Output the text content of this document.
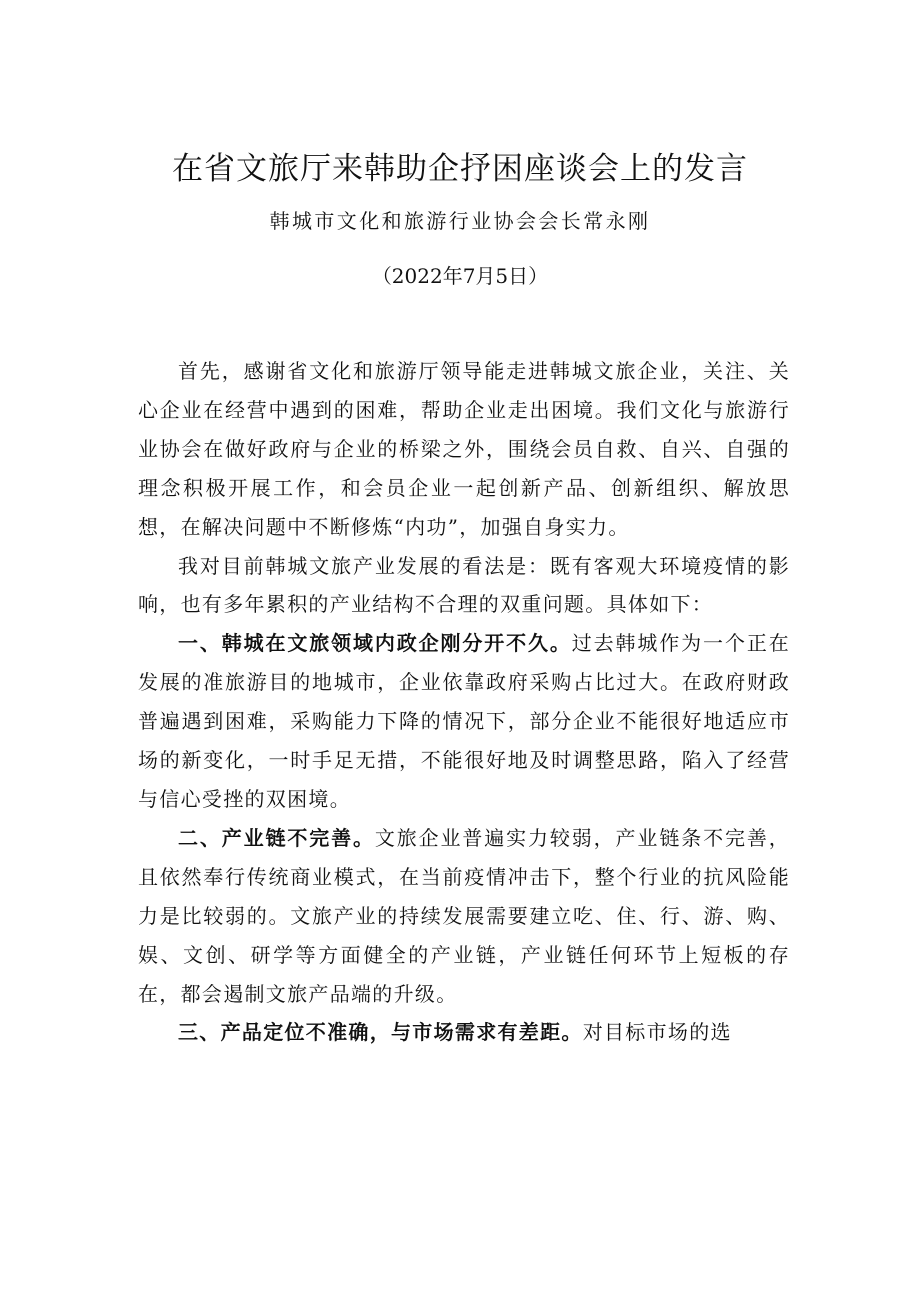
在省文旅厅来韩助企抒困座谈会上的发言

韩城市文化和旅游行业协会会长常永刚

（2022年7月5日）

首先，感谢省文化和旅游厅领导能走进韩城文旅企业，关注、关心企业在经营中遇到的困难，帮助企业走出困境。我们文化与旅游行业协会在做好政府与企业的桥梁之外，围绕会员自救、自兴、自强的理念积极开展工作，和会员企业一起创新产品、创新组织、解放思想，在解决问题中不断修炼“内功”，加强自身实力。

我对目前韩城文旅产业发展的看法是：既有客观大环境疫情的影响，也有多年累积的产业结构不合理的双重问题。具体如下：

一、韩城在文旅领域内政企刚分开不久。过去韩城作为一个正在发展的准旅游目的地城市，企业依靠政府采购占比过大。在政府财政普遍遇到困难，采购能力下降的情况下，部分企业不能很好地适应市场的新变化，一时手足无措，不能很好地及时调整思路，陷入了经营与信心受挫的双困境。

二、产业链不完善。文旅企业普遍实力较弱，产业链条不完善，且依然奉行传统商业模式，在当前疫情冲击下，整个行业的抗风险能力是比较弱的。文旅产业的持续发展需要建立吃、住、行、游、购、娱、文创、研学等方面健全的产业链，产业链任何环节上短板的存在，都会遏制文旅产品端的升级。

三、产品定位不准确，与市场需求有差距。对目标市场的选
